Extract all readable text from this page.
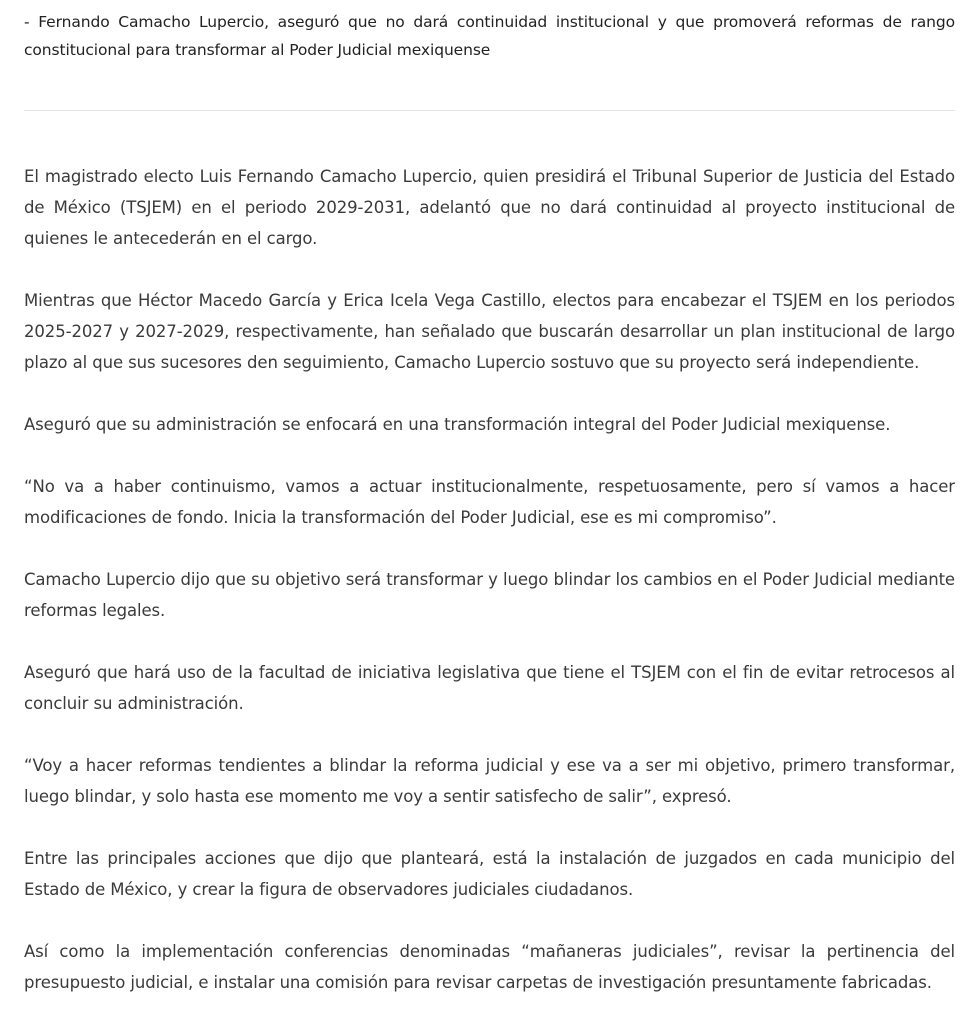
- Fernando Camacho Lupercio, aseguró que no dará continuidad institucional y que promoverá reformas de rango constitucional para transformar al Poder Judicial mexiquense

El magistrado electo Luis Fernando Camacho Lupercio, quien presidirá el Tribunal Superior de Justicia del Estado de México (TSJEM) en el periodo 2029-2031, adelantó que no dará continuidad al proyecto institucional de quienes le antecederán en el cargo.

Mientras que Héctor Macedo García y Erica Icela Vega Castillo, electos para encabezar el TSJEM en los periodos 2025-2027 y 2027-2029, respectivamente, han señalado que buscarán desarrollar un plan institucional de largo plazo al que sus sucesores den seguimiento, Camacho Lupercio sostuvo que su proyecto será independiente.

Aseguró que su administración se enfocará en una transformación integral del Poder Judicial mexiquense.

“No va a haber continuismo, vamos a actuar institucionalmente, respetuosamente, pero sí vamos a hacer modificaciones de fondo. Inicia la transformación del Poder Judicial, ese es mi compromiso”.

Camacho Lupercio dijo que su objetivo será transformar y luego blindar los cambios en el Poder Judicial mediante reformas legales.

Aseguró que hará uso de la facultad de iniciativa legislativa que tiene el TSJEM con el fin de evitar retrocesos al concluir su administración.

“Voy a hacer reformas tendientes a blindar la reforma judicial y ese va a ser mi objetivo, primero transformar, luego blindar, y solo hasta ese momento me voy a sentir satisfecho de salir”, expresó.

Entre las principales acciones que dijo que planteará, está la instalación de juzgados en cada municipio del Estado de México, y crear la figura de observadores judiciales ciudadanos.

Así como la implementación conferencias denominadas “mañaneras judiciales”, revisar la pertinencia del presupuesto judicial, e instalar una comisión para revisar carpetas de investigación presuntamente fabricadas.
